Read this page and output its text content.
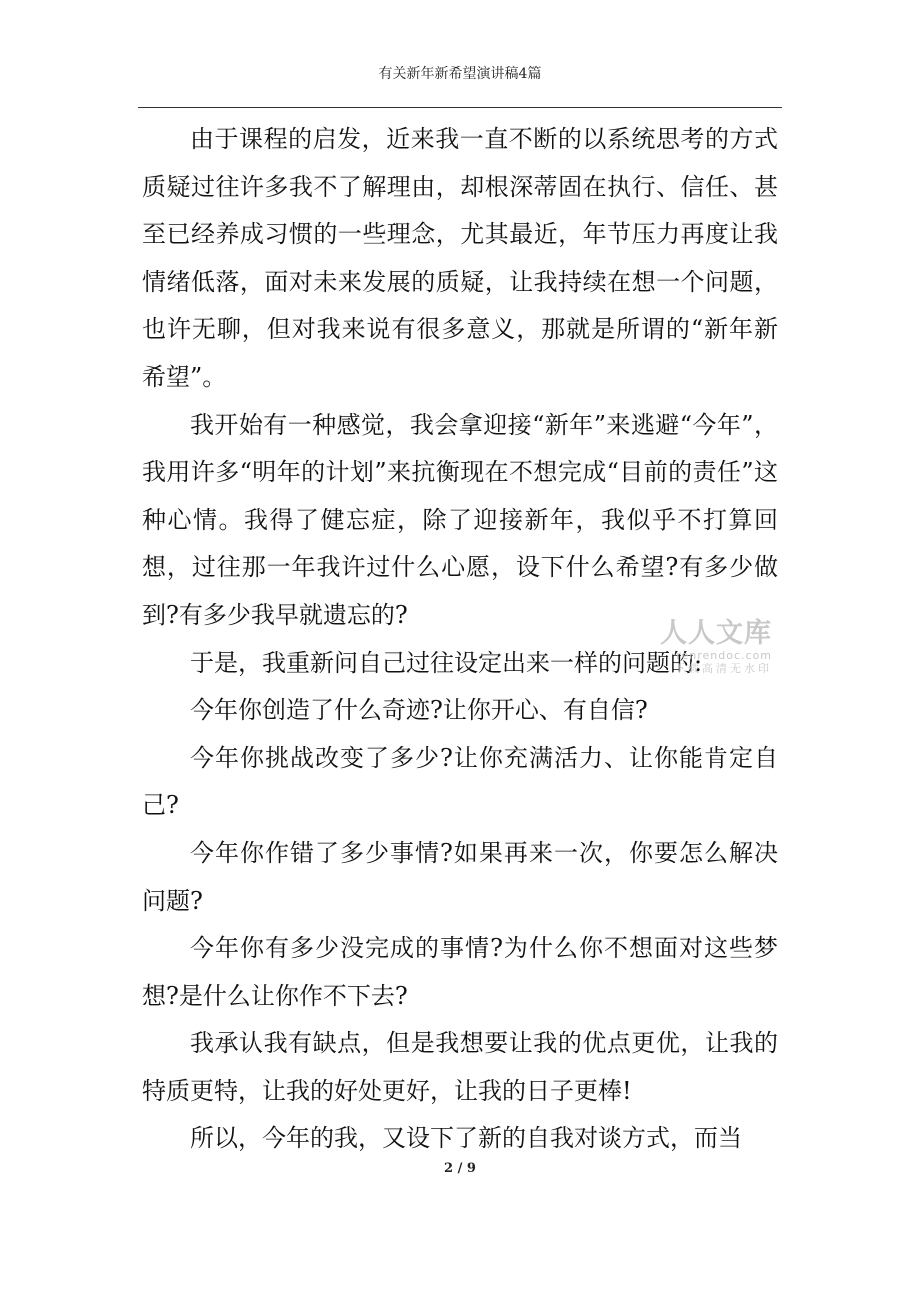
有关新年新希望演讲稿4篇

由于课程的启发，近来我一直不断的以系统思考的方式质疑过往许多我不了解理由，却根深蒂固在执行、信任、甚至已经养成习惯的一些理念，尤其最近，年节压力再度让我情绪低落，面对未来发展的质疑，让我持续在想一个问题，也许无聊，但对我来说有很多意义，那就是所谓的“新年新希望”。

我开始有一种感觉，我会拿迎接“新年”来逃避“今年”，我用许多“明年的计划”来抗衡现在不想完成“目前的责任”这种心情。我得了健忘症，除了迎接新年，我似乎不打算回想，过往那一年我许过什么心愿，设下什么希望?有多少做到?有多少我早就遗忘的?

于是，我重新问自己过往设定出来一样的问题的:

今年你创造了什么奇迹?让你开心、有自信?

今年你挑战改变了多少?让你充满活力、让你能肯定自己?

今年你作错了多少事情?如果再来一次，你要怎么解决问题?

今年你有多少没完成的事情?为什么你不想面对这些梦想?是什么让你作不下去?

我承认我有缺点，但是我想要让我的优点更优，让我的特质更特，让我的好处更好，让我的日子更棒!

所以，今年的我，又设下了新的自我对谈方式，而当

人人文库
renrendoc.com
下载高清无水印
2 / 9
